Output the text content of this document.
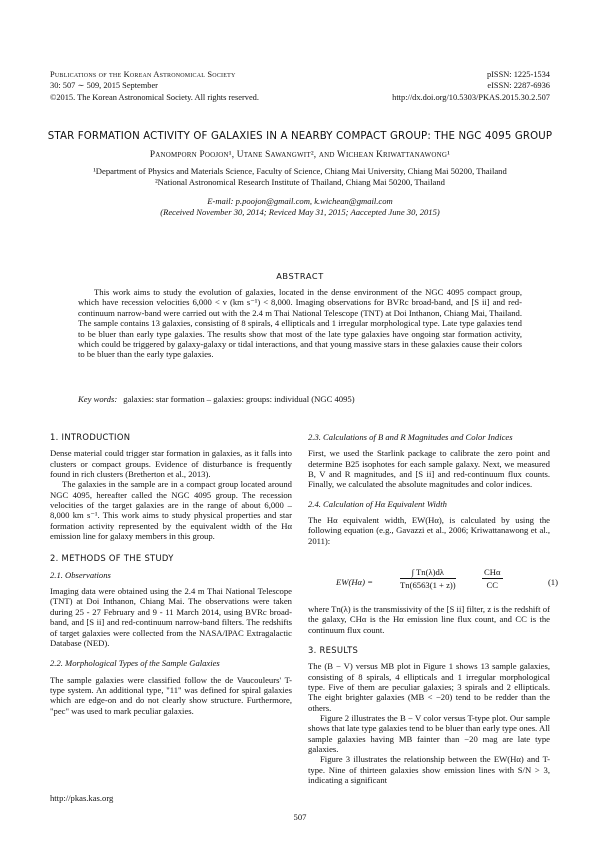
Publications of the Korean Astronomical Society
30: 507 ∼ 509, 2015 September
©2015. The Korean Astronomical Society. All rights reserved.
pISSN: 1225-1534
eISSN: 2287-6936
http://dx.doi.org/10.5303/PKAS.2015.30.2.507
STAR FORMATION ACTIVITY OF GALAXIES IN A NEARBY COMPACT GROUP: THE NGC 4095 GROUP
Panomporn Poojon¹, Utane Sawangwit², and Wichean Kriwattanawong¹
¹Department of Physics and Materials Science, Faculty of Science, Chiang Mai University, Chiang Mai 50200, Thailand
²National Astronomical Research Institute of Thailand, Chiang Mai 50200, Thailand
E-mail: p.poojon@gmail.com, k.wichean@gmail.com
(Received November 30, 2014; Reviced May 31, 2015; Aaccepted June 30, 2015)
ABSTRACT
This work aims to study the evolution of galaxies, located in the dense environment of the NGC 4095 compact group, which have recession velocities 6,000 < v (km s⁻¹) < 8,000. Imaging observations for BVRc broad-band, and [S ii] and red-continuum narrow-band were carried out with the 2.4 m Thai National Telescope (TNT) at Doi Inthanon, Chiang Mai, Thailand. The sample contains 13 galaxies, consisting of 8 spirals, 4 ellipticals and 1 irregular morphological type. Late type galaxies tend to be bluer than early type galaxies. The results show that most of the late type galaxies have ongoing star formation activity, which could be triggered by galaxy-galaxy or tidal interactions, and that young massive stars in these galaxies cause their colors to be bluer than the early type galaxies.
Key words: galaxies: star formation – galaxies: groups: individual (NGC 4095)
1. INTRODUCTION
Dense material could trigger star formation in galaxies, as it falls into clusters or compact groups. Evidence of disturbance is frequently found in rich clusters (Bretherton et al., 2013).
The galaxies in the sample are in a compact group located around NGC 4095, hereafter called the NGC 4095 group. The recession velocities of the target galaxies are in the range of about 6,000 – 8,000 km s⁻¹. This work aims to study physical properties and star formation activity represented by the equivalent width of the Hα emission line for galaxy members in this group.
2. METHODS OF THE STUDY
2.1. Observations
Imaging data were obtained using the 2.4 m Thai National Telescope (TNT) at Doi Inthanon, Chiang Mai. The observations were taken during 25 - 27 February and 9 - 11 March 2014, using BVRc broad-band, and [S ii] and red-continuum narrow-band filters. The redshifts of target galaxies were collected from the NASA/IPAC Extragalactic Database (NED).
2.2. Morphological Types of the Sample Galaxies
The sample galaxies were classified follow the de Vaucouleurs' T-type system. An additional type, "11" was defined for spiral galaxies which are edge-on and do not clearly show structure. Furthermore, "pec" was used to mark peculiar galaxies.
2.3. Calculations of B and R Magnitudes and Color Indices
First, we used the Starlink package to calibrate the zero point and determine B25 isophotes for each sample galaxy. Next, we measured B, V and R magnitudes, and [S ii] and red-continuum flux counts. Finally, we calculated the absolute magnitudes and color indices.
2.4. Calculation of Hα Equivalent Width
The Hα equivalent width, EW(Hα), is calculated by using the following equation (e.g., Gavazzi et al., 2006; Kriwattanawong et al., 2011):
EW(Hα) =	$\frac{\int Tn(\lambda)d\lambda}{Tn(6563(1 + z))}$	CHα
CC	(1)
where Tn(λ) is the transmissivity of the [S ii] filter, z is the redshift of the galaxy, CHα is the Hα emission line flux count, and CC is the continuum flux count.
3. RESULTS
The (B − V) versus MB plot in Figure 1 shows 13 sample galaxies, consisting of 8 spirals, 4 ellipticals and 1 irregular morphological type. Five of them are peculiar galaxies; 3 spirals and 2 ellipticals. The eight brighter galaxies (MB < −20) tend to be redder than the others.
Figure 2 illustrates the B − V color versus T-type plot. Our sample shows that late type galaxies tend to be bluer than early type ones. All sample galaxies having MB fainter than −20 mag are late type galaxies.
Figure 3 illustrates the relationship between the EW(Hα) and T-type. Nine of thirteen galaxies show emission lines with S/N > 3, indicating a significant
http://pkas.kas.org
507
